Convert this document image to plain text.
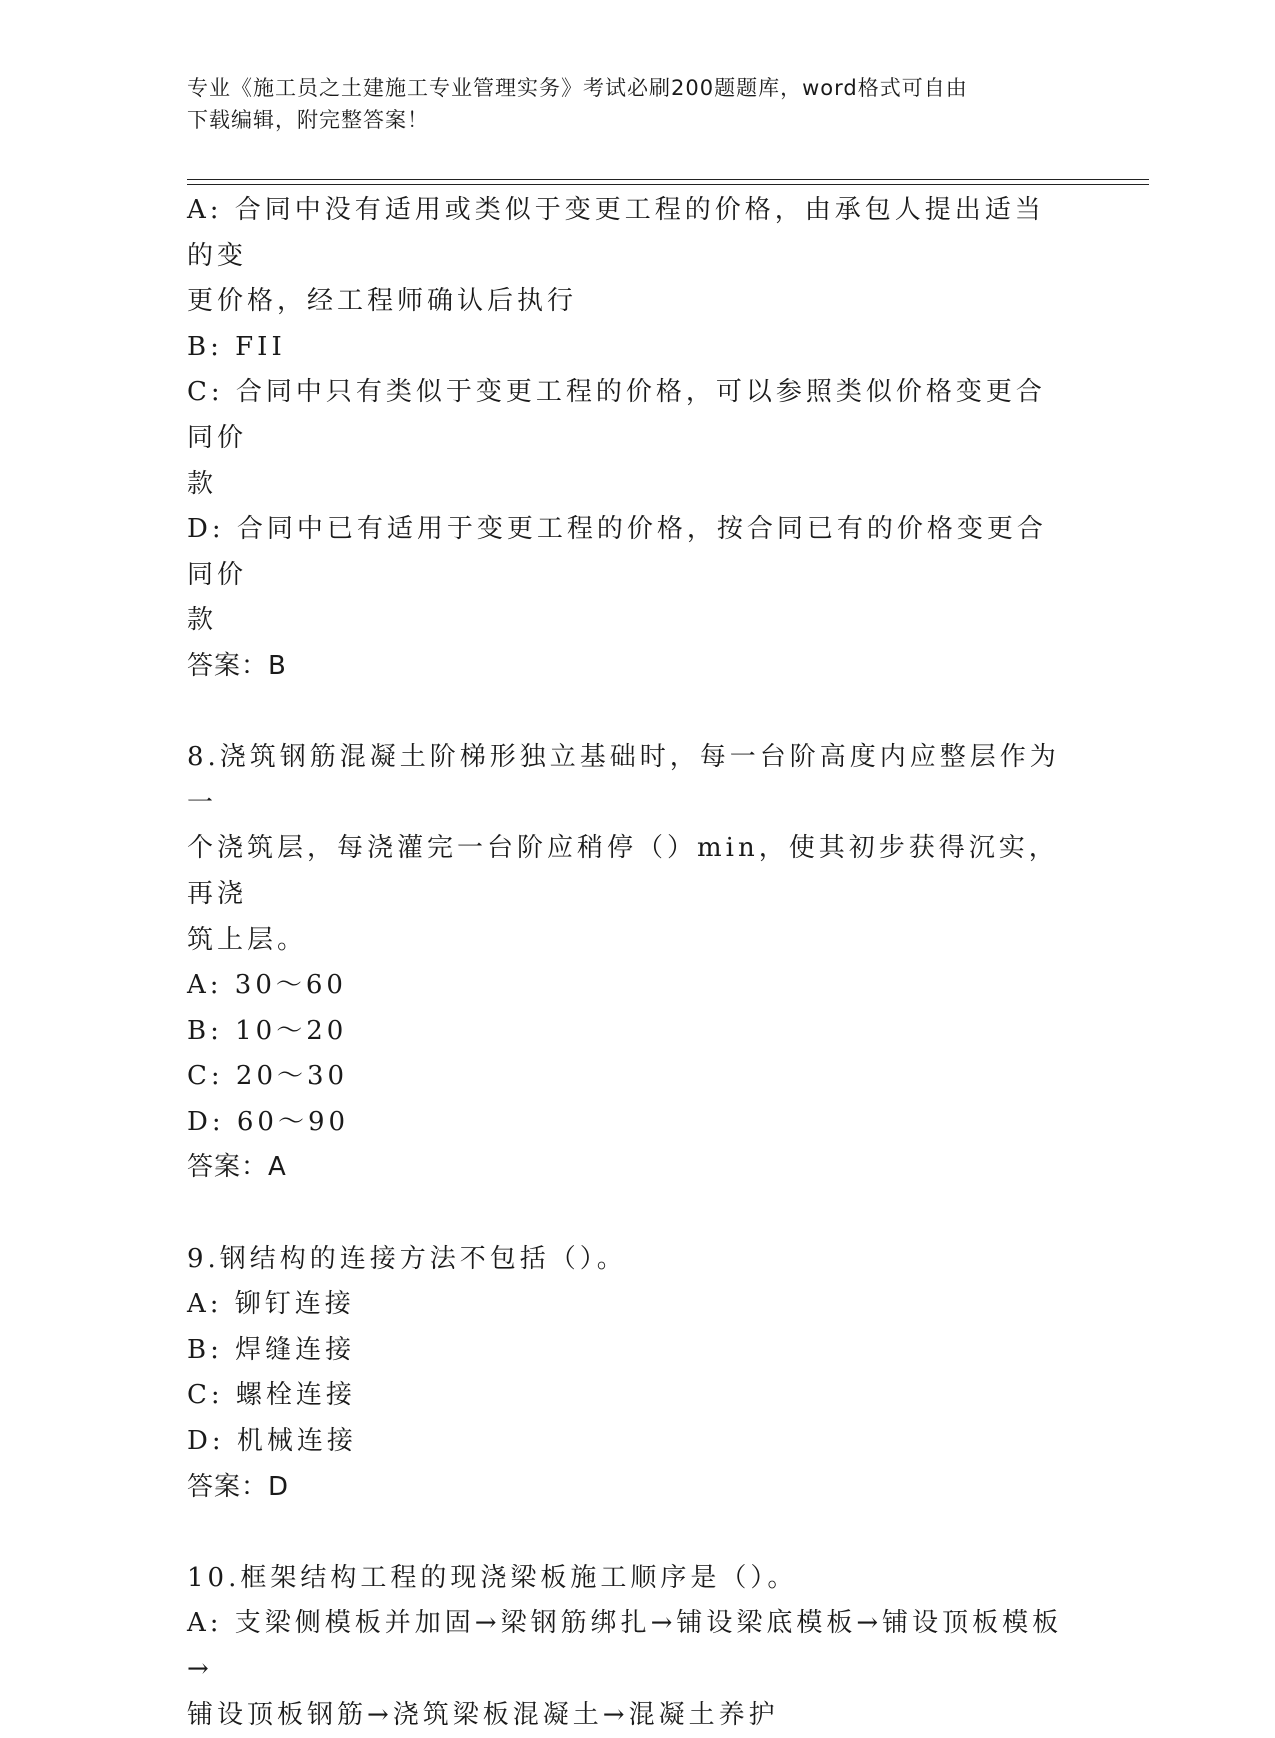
专业《施工员之土建施工专业管理实务》考试必刷200题题库，word格式可自由
下载编辑，附完整答案！
A: 合同中没有适用或类似于变更工程的价格，由承包人提出适当的变
更价格，经工程师确认后执行
B: FII
C: 合同中只有类似于变更工程的价格，可以参照类似价格变更合同价
款
D: 合同中已有适用于变更工程的价格，按合同已有的价格变更合同价
款
答案：B
8.浇筑钢筋混凝土阶梯形独立基础时，每一台阶高度内应整层作为一
个浇筑层，每浇灌完一台阶应稍停（）min，使其初步获得沉实，再浇
筑上层。
A: 30～60
B: 10～20
C: 20～30
D: 60～90
答案：A
9.钢结构的连接方法不包括（）。
A: 铆钉连接
B: 焊缝连接
C: 螺栓连接
D: 机械连接
答案：D
10.框架结构工程的现浇梁板施工顺序是（）。
A: 支梁侧模板并加固→梁钢筋绑扎→铺设梁底模板→铺设顶板模板→
铺设顶板钢筋→浇筑梁板混凝土→混凝土养护
